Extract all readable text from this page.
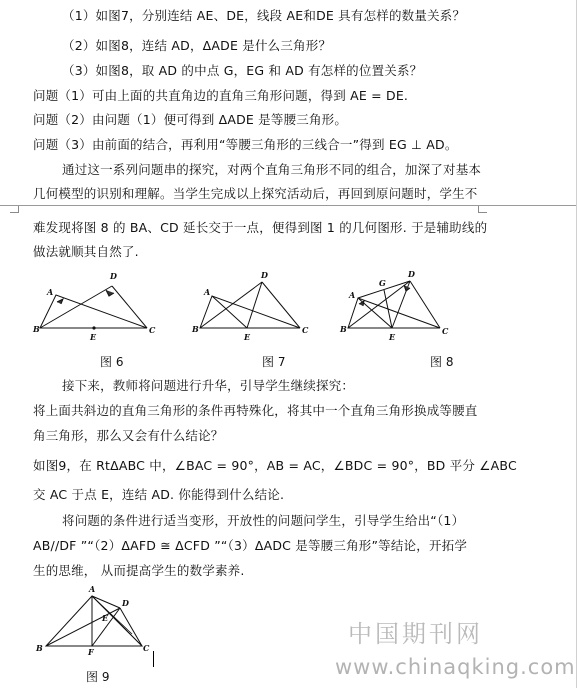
（1）如图7，分别连结 AE、DE，线段 AE和DE 具有怎样的数量关系？
（2）如图8，连结 AD，ΔADE 是什么三角形？
（3）如图8，取 AD 的中点 G，EG 和 AD 有怎样的位置关系？
问题（1）可由上面的共直角边的直角三角形问题，得到 AE = DE.
问题（2）由问题（1）便可得到 ΔADE 是等腰三角形。
问题（3）由前面的结合，再利用“等腰三角形的三线合一”得到 EG ⊥ AD。
通过这一系列问题串的探究，对两个直角三角形不同的组合，加深了对基本
几何模型的识别和理解。当学生完成以上探究活动后，再回到原问题时，学生不
难发现将图 8 的 BA、CD 延长交于一点，便得到图 1 的几何图形. 于是辅助线的
做法就顺其自然了.
A
B	C
D
E
图 6
A
B	C
D
E
图 7
A
B	C
D
E
G
图 8
接下来，教师将问题进行升华，引导学生继续探究：
将上面共斜边的直角三角形的条件再特殊化，将其中一个直角三角形换成等腰直
角三角形，那么又会有什么结论？
如图9，在 RtΔABC 中，∠BAC = 90°，AB = AC，∠BDC = 90°，BD 平分 ∠ABC
交 AC 于点 E，连结 AD. 你能得到什么结论.
将问题的条件进行适当变形，开放性的问题问学生，引导学生给出“（1）
AB//DF ”“（2）ΔAFD ≅ ΔCFD ”“（3）ΔADC 是等腰三角形”等结论，开拓学
生的思维， 从而提高学生的数学素养.
A
B	C
D
E
F
图 9
中国期刊网
www.chinaqking.com
